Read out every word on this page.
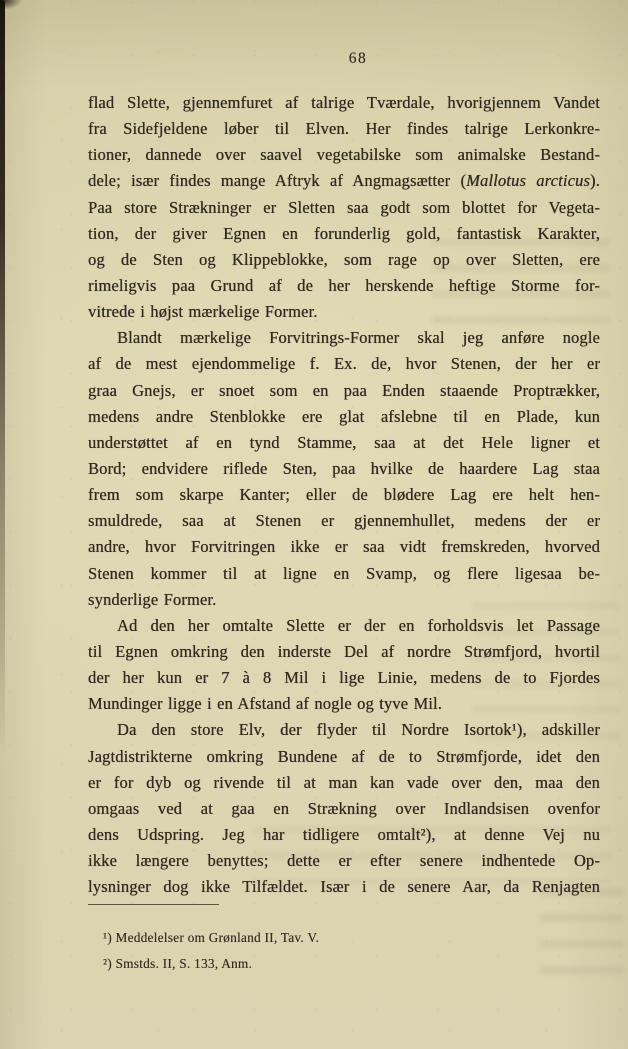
68
flad Slette, gjennemfuret af talrige Tværdale, hvorigjennem Vandet
fra Sidefjeldene løber til Elven. Her findes talrige Lerkonkre-
tioner, dannede over saavel vegetabilske som animalske Bestand-
dele; især findes mange Aftryk af Angmagsætter (Mallotus arcticus).
Paa store Strækninger er Sletten saa godt som blottet for Vegeta-
tion, der giver Egnen en forunderlig gold, fantastisk Karakter,
og de Sten og Klippeblokke, som rage op over Sletten, ere
rimeligvis paa Grund af de her herskende heftige Storme for-
vitrede i højst mærkelige Former.
Blandt mærkelige Forvitrings-Former skal jeg anføre nogle
af de mest ejendommelige f. Ex. de, hvor Stenen, der her er
graa Gnejs, er snoet som en paa Enden staaende Proptrækker,
medens andre Stenblokke ere glat afslebne til en Plade, kun
understøttet af en tynd Stamme, saa at det Hele ligner et
Bord; endvidere riflede Sten, paa hvilke de haardere Lag staa
frem som skarpe Kanter; eller de blødere Lag ere helt hen-
smuldrede, saa at Stenen er gjennemhullet, medens der er
andre, hvor Forvitringen ikke er saa vidt fremskreden, hvorved
Stenen kommer til at ligne en Svamp, og flere ligesaa be-
synderlige Former.
Ad den her omtalte Slette er der en forholdsvis let Passage
til Egnen omkring den inderste Del af nordre Strømfjord, hvortil
der her kun er 7 à 8 Mil i lige Linie, medens de to Fjordes
Mundinger ligge i en Afstand af nogle og tyve Mil.
Da den store Elv, der flyder til Nordre Isortok¹), adskiller
Jagtdistrikterne omkring Bundene af de to Strømfjorde, idet den
er for dyb og rivende til at man kan vade over den, maa den
omgaas ved at gaa en Strækning over Indlandsisen ovenfor
dens Udspring. Jeg har tidligere omtalt²), at denne Vej nu
ikke længere benyttes; dette er efter senere indhentede Op-
lysninger dog ikke Tilfældet. Især i de senere Aar, da Renjagten
¹) Meddelelser om Grønland II, Tav. V.
²) Smstds. II, S. 133, Anm.
